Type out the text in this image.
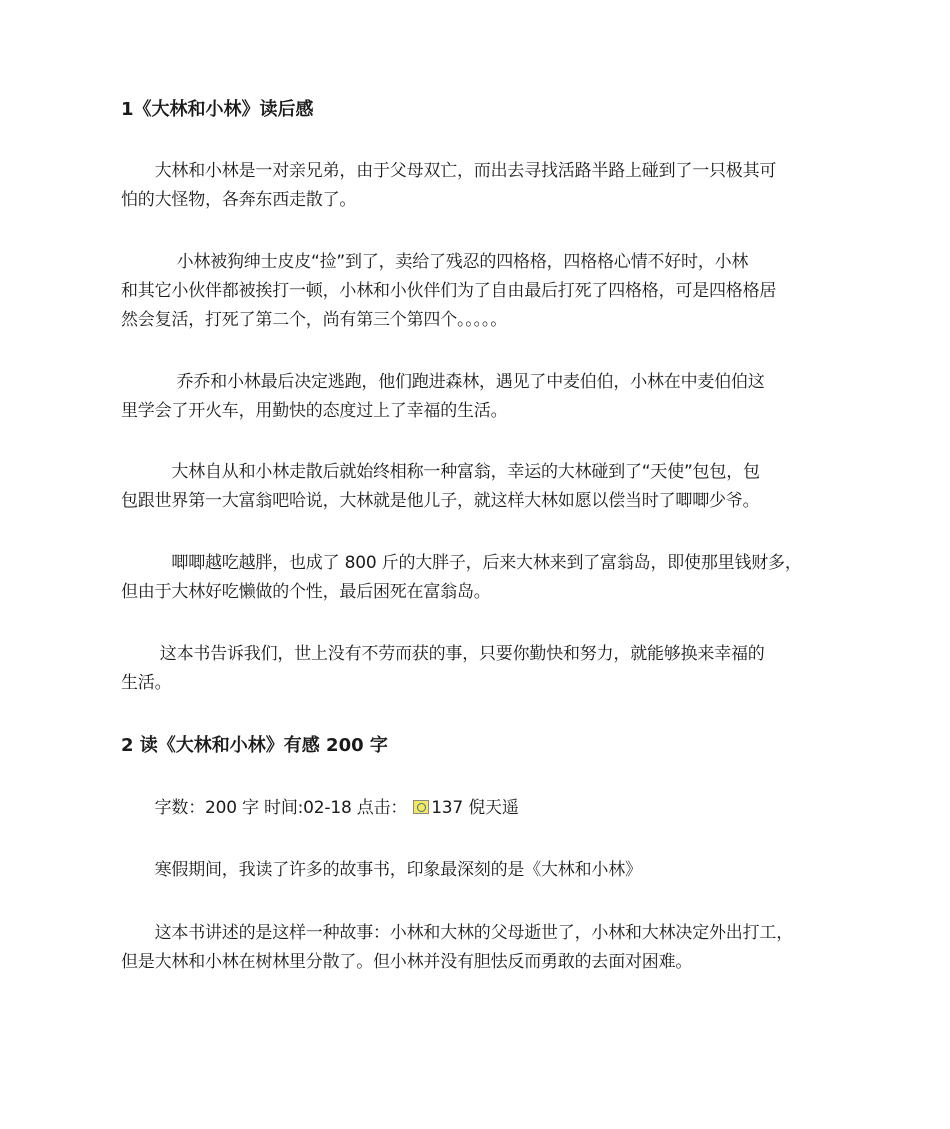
1《大林和小林》读后感

　　大林和小林是一对亲兄弟，由于父母双亡，而出去寻找活路半路上碰到了一只极其可
怕的大怪物，各奔东西走散了。

　　　 小林被狗绅士皮皮“捡”到了，卖给了残忍的四格格，四格格心情不好时，小林
和其它小伙伴都被挨打一顿，小林和小伙伴们为了自由最后打死了四格格，可是四格格居
然会复活，打死了第二个，尚有第三个第四个。。。。。

　　　 乔乔和小林最后决定逃跑，他们跑进森林，遇见了中麦伯伯，小林在中麦伯伯这
里学会了开火车，用勤快的态度过上了幸福的生活。

　　　大林自从和小林走散后就始终相称一种富翁，幸运的大林碰到了“天使”包包，包
包跟世界第一大富翁吧哈说，大林就是他儿子，就这样大林如愿以偿当时了唧唧少爷。

　　　唧唧越吃越胖，也成了 800 斤的大胖子，后来大林来到了富翁岛，即使那里钱财多，
但由于大林好吃懒做的个性，最后困死在富翁岛。

　　 这本书告诉我们，世上没有不劳而获的事，只要你勤快和努力，就能够换来幸福的
生活。

2 读《大林和小林》有感 200 字

　　字数：200 字 时间:02-18 点击： 137 倪天遥

　　寒假期间，我读了许多的故事书，印象最深刻的是《大林和小林》

　　这本书讲述的是这样一种故事：小林和大林的父母逝世了，小林和大林决定外出打工，
但是大林和小林在树林里分散了。但小林并没有胆怯反而勇敢的去面对困难。
